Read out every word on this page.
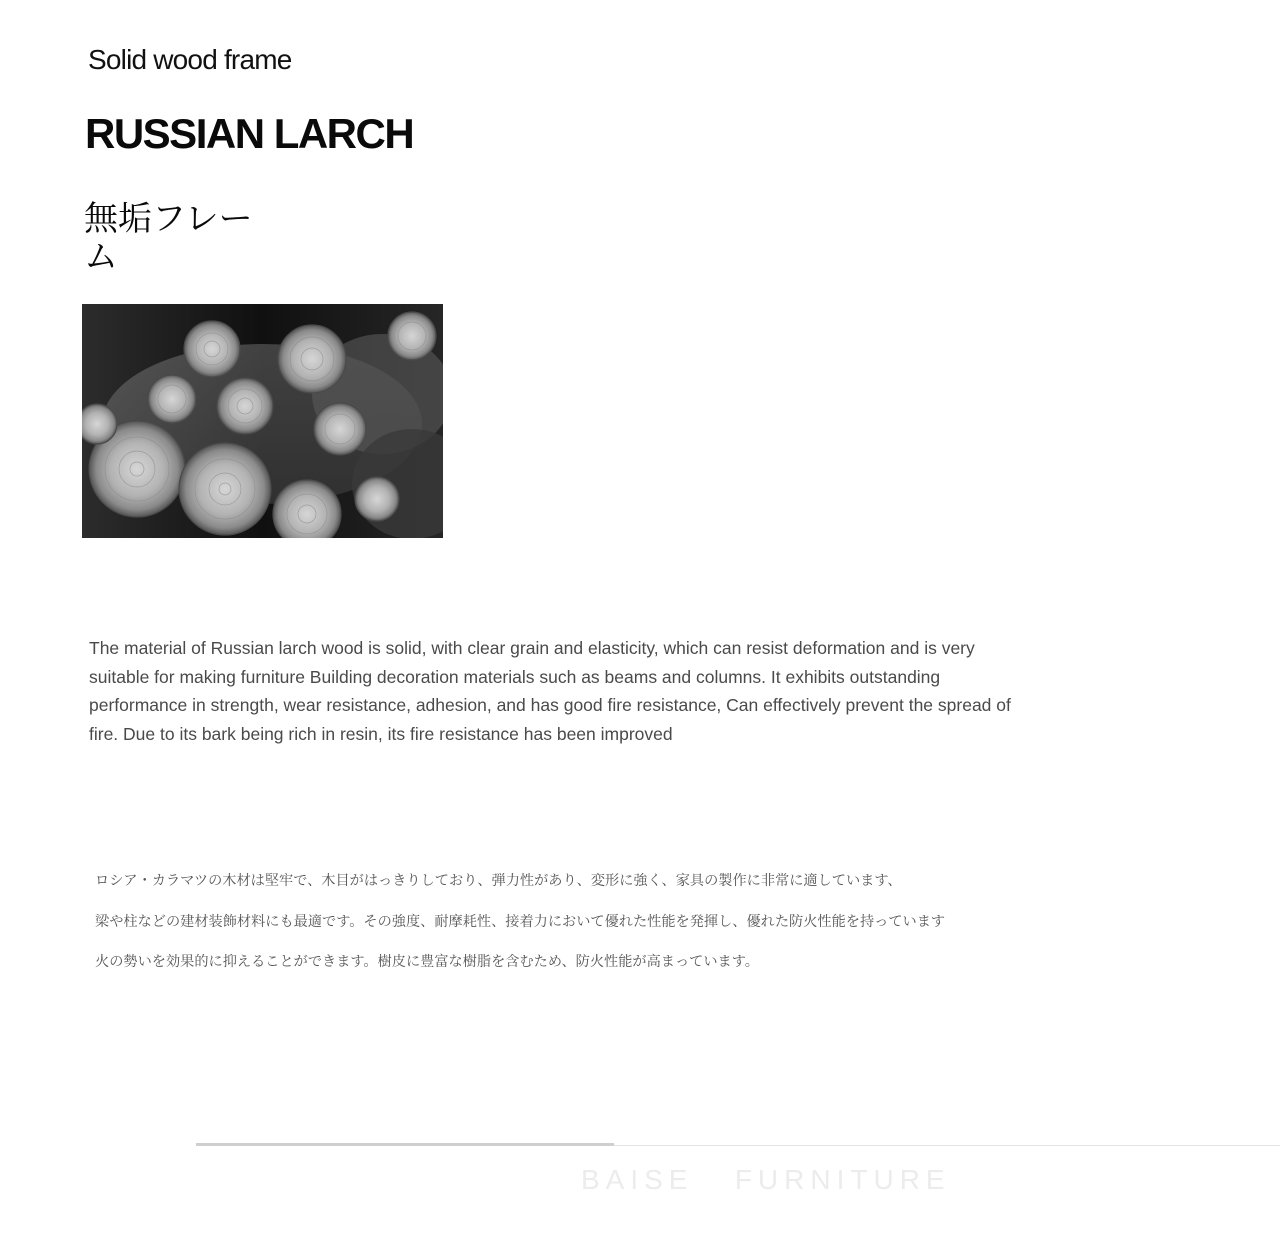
Solid wood frame
RUSSIAN LARCH
無垢フレーム
The material of Russian larch wood is solid, with clear grain and elasticity, which can resist deformation and is very suitable for making furniture Building decoration materials such as beams and columns. It exhibits outstanding performance in strength, wear resistance, adhesion, and has good fire resistance, Can effectively prevent the spread of fire. Due to its bark being rich in resin, its fire resistance has been improved
ロシア・カラマツの木材は堅牢で、木目がはっきりしており、弾力性があり、変形に強く、家具の製作に非常に適しています、
梁や柱などの建材装飾材料にも最適です。その強度、耐摩耗性、接着力において優れた性能を発揮し、優れた防火性能を持っています
火の勢いを効果的に抑えることができます。樹皮に豊富な樹脂を含むため、防火性能が高まっています。
BAISE   FURNITURE
